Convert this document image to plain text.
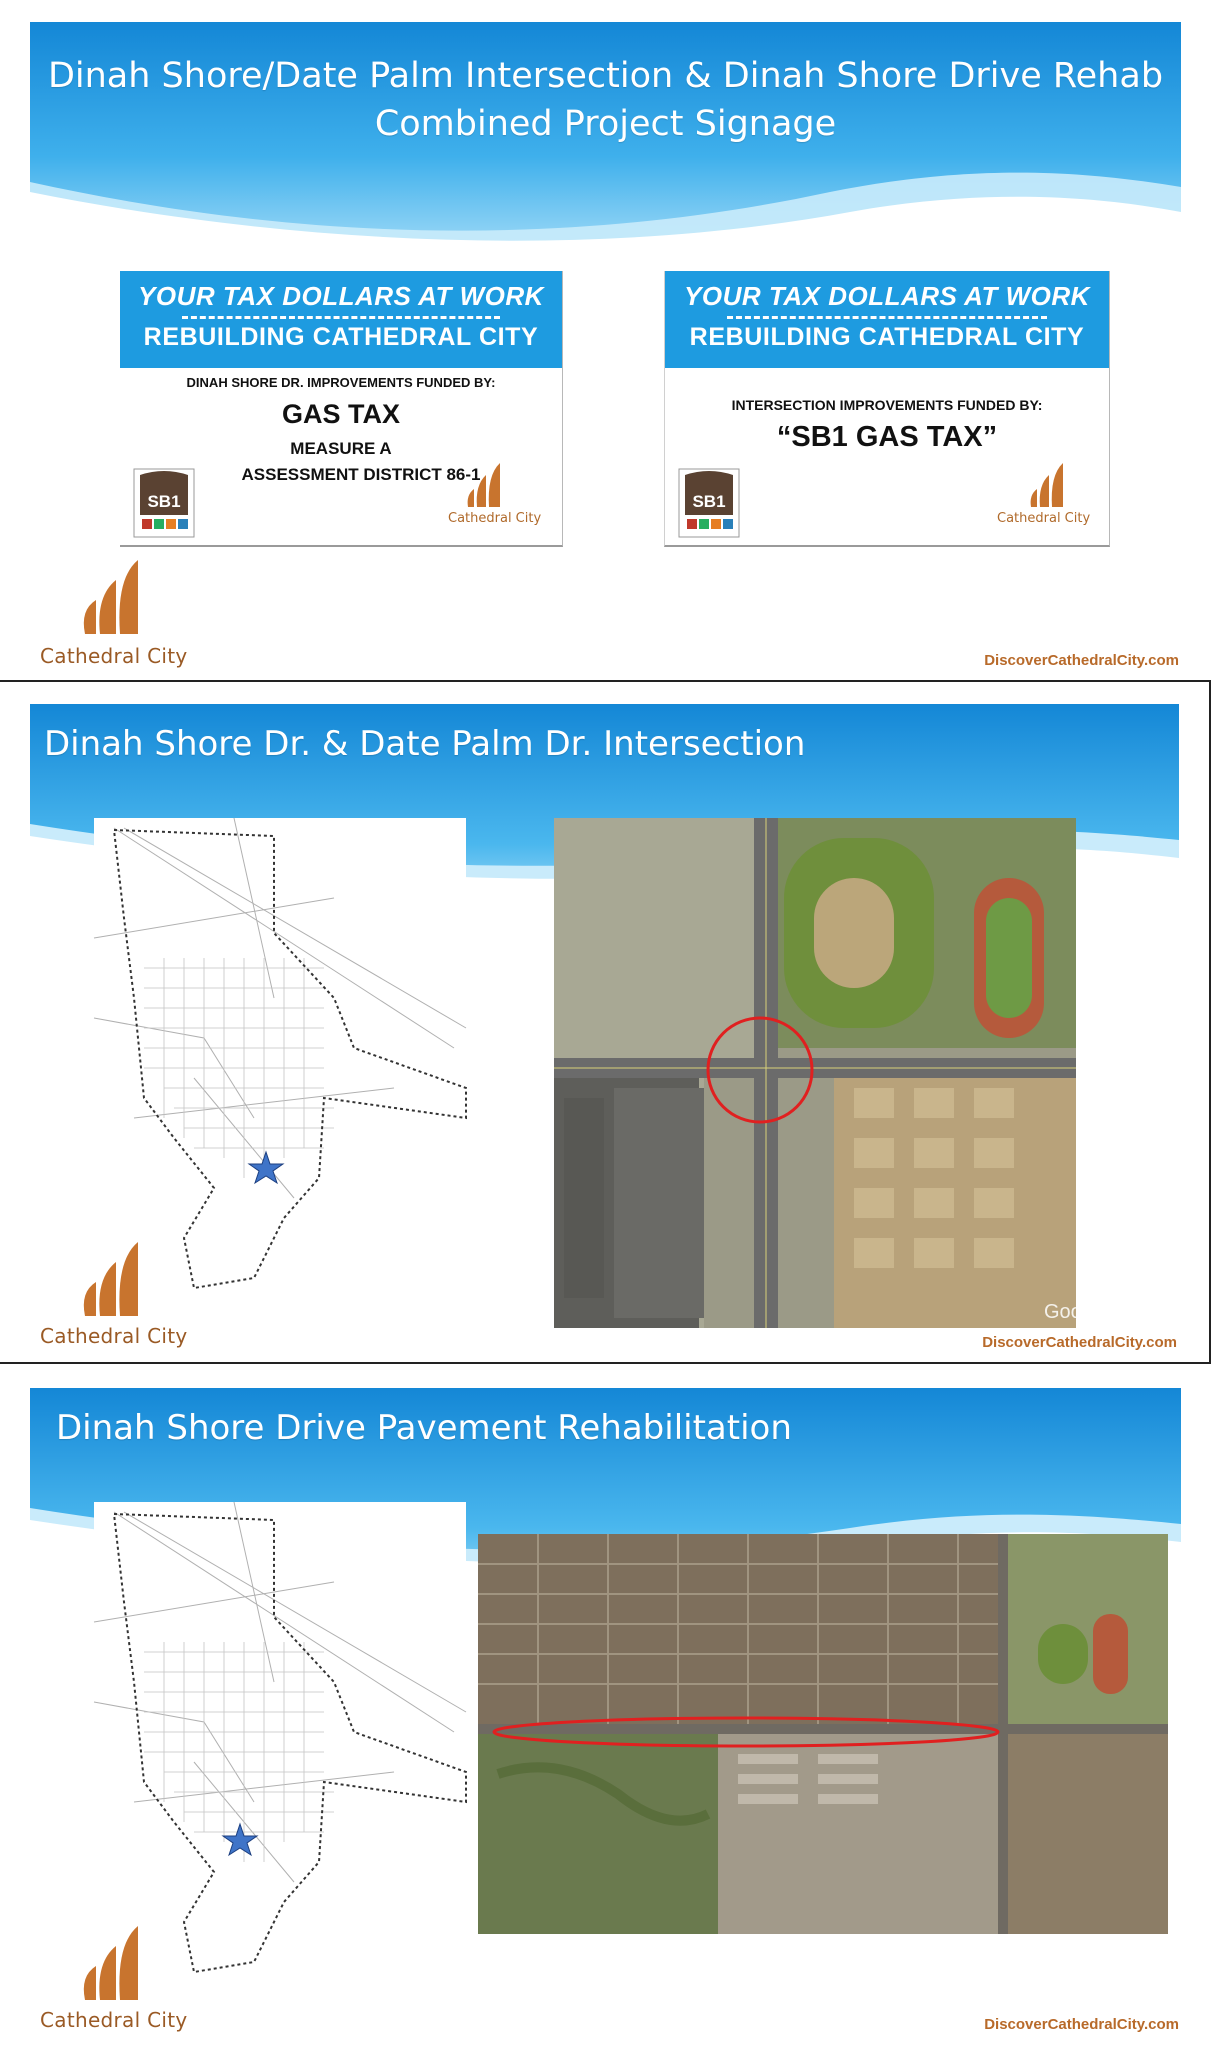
Dinah Shore/Date Palm Intersection & Dinah Shore Drive Rehab
Combined Project Signage
YOUR TAX DOLLARS AT WORK
REBUILDING CATHEDRAL CITY
DINAH SHORE DR. IMPROVEMENTS FUNDED BY:
GAS TAX
MEASURE A
ASSESSMENT DISTRICT 86-1
SB1
Cathedral City
YOUR TAX DOLLARS AT WORK
REBUILDING CATHEDRAL CITY
INTERSECTION IMPROVEMENTS FUNDED BY:
“SB1 GAS TAX”
SB1
Cathedral City
Cathedral City	DiscoverCathedralCity.com
Dinah Shore Dr. & Date Palm Dr. Intersection
Goo
Cathedral City	DiscoverCathedralCity.com
Dinah Shore Drive Pavement Rehabilitation
Cathedral City	DiscoverCathedralCity.com
